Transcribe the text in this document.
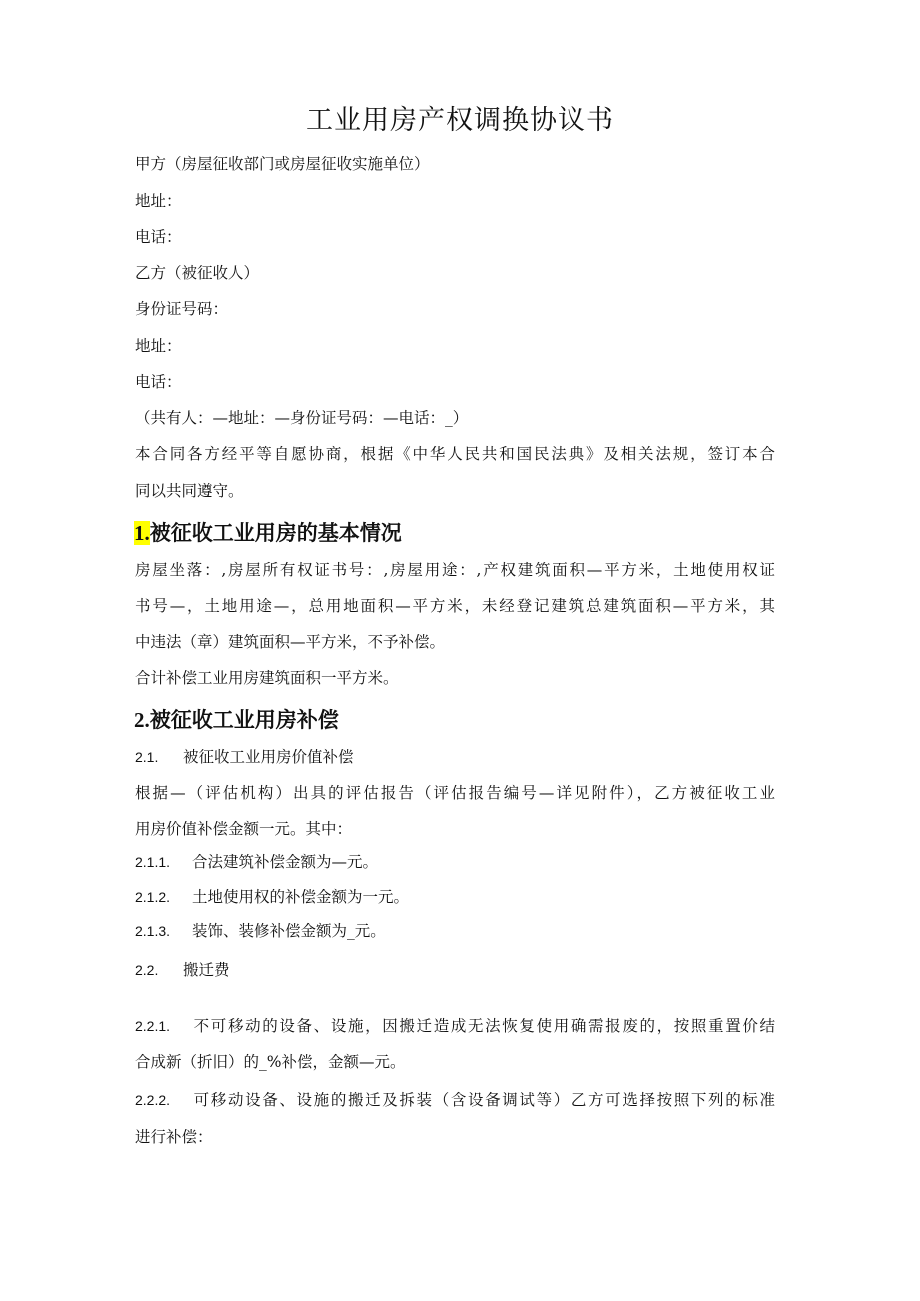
工业用房产权调换协议书

甲方（房屋征收部门或房屋征收实施单位）

地址：

电话：

乙方（被征收人）

身份证号码：

地址：

电话：

（共有人：—地址：—身份证号码：—电话：_）

本合同各方经平等自愿协商，根据《中华人民共和国民法典》及相关法规，签订本合

同以共同遵守。

1.被征收工业用房的基本情况

房屋坐落：,房屋所有权证书号：,房屋用途：,产权建筑面积—平方米，土地使用权证

书号—，土地用途—，总用地面积—平方米，未经登记建筑总建筑面积—平方米，其

中违法（章）建筑面积—平方米，不予补偿。

合计补偿工业用房建筑面积一平方米。

2.被征收工业用房补偿
2.1. 被征收工业用房价值补偿

根据—（评估机构）出具的评估报告（评估报告编号—详见附件），乙方被征收工业

用房价值补偿金额一元。其中：

2.1.1. 合法建筑补偿金额为—元。
2.1.2. 土地使用权的补偿金额为一元。
2.1.3. 装饰、装修补偿金额为_元。
2.2. 搬迁费
2.2.1. 不可移动的设备、设施，因搬迁造成无法恢复使用确需报废的，按照重置价结

合成新（折旧）的_%补偿，金额—元。

2.2.2. 可移动设备、设施的搬迁及拆装（含设备调试等）乙方可选择按照下列的标准

进行补偿：
